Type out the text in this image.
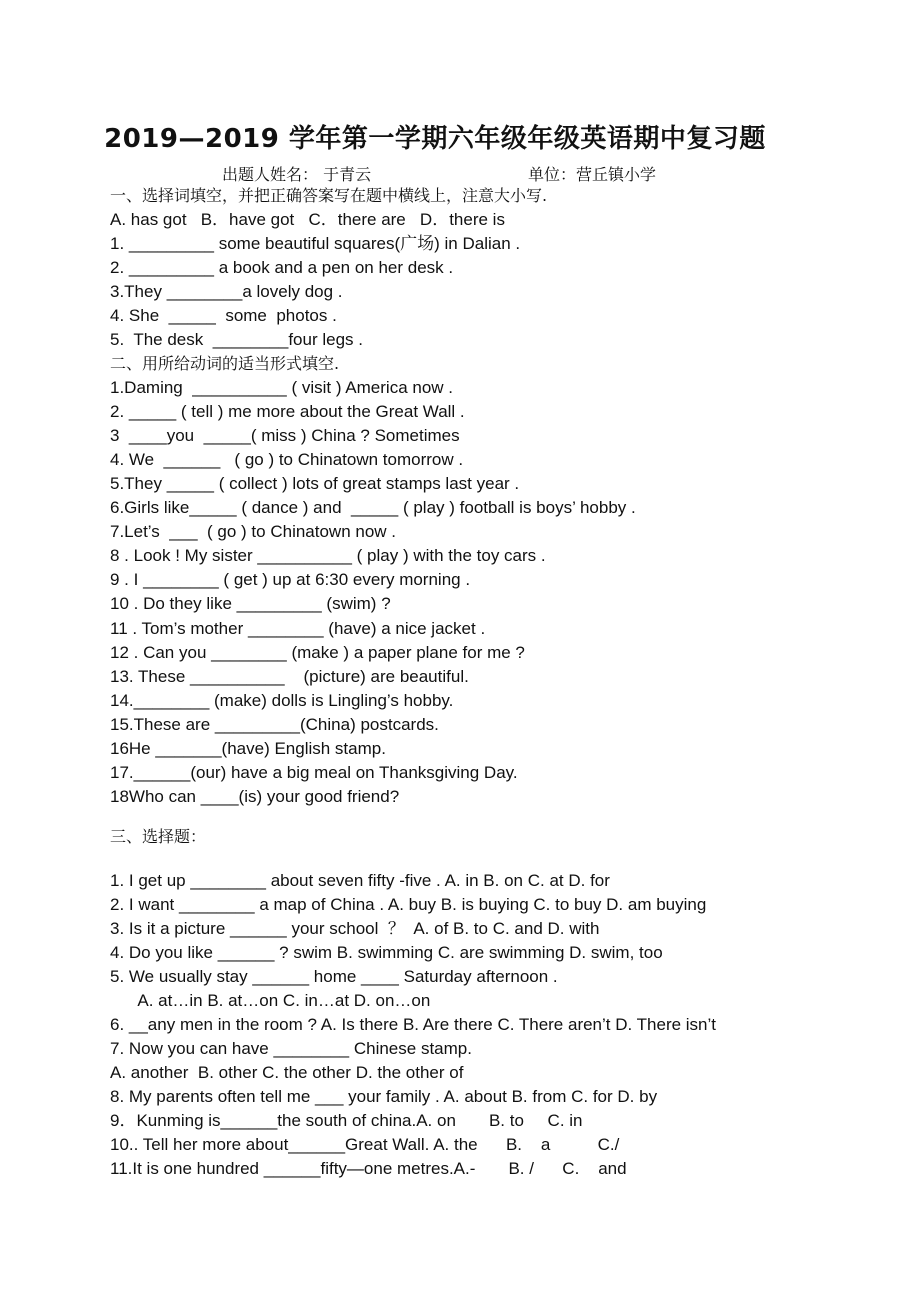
2019—2019 学年第一学期六年级年级英语期中复习题
出题人姓名： 于青云	单位：营丘镇小学
一、选择词填空，并把正确答案写在题中横线上，注意大小写.
A. has got   B．have got   C．there are   D．there is
1. _________ some beautiful squares(广场) in Dalian .
2. _________ a book and a pen on her desk .
3.They ________a lovely dog .
4. She  _____  some  photos .
5.  The desk  ________four legs .
二、用所给动词的适当形式填空.
1.Daming  __________ ( visit ) America now .
2. _____ ( tell ) me more about the Great Wall .
3  ____you  _____( miss ) China ? Sometimes
4. We  ______   ( go ) to Chinatown tomorrow .
5.They _____ ( collect ) lots of great stamps last year .
6.Girls like_____ ( dance ) and  _____ ( play ) football is boys’ hobby .
7.Let’s  ___  ( go ) to Chinatown now .
8 . Look ! My sister __________ ( play ) with the toy cars .
9 . I ________ ( get ) up at 6:30 every morning .
10 . Do they like _________ (swim) ?
11 . Tom’s mother ________ (have) a nice jacket .
12 . Can you ________ (make ) a paper plane for me ?
13. These __________    (picture) are beautiful.
14.________ (make) dolls is Lingling’s hobby.
15.These are _________(China) postcards.
16He _______(have) English stamp.
17.______(our) have a big meal on Thanksgiving Day.
18Who can ____(is) your good friend?
三、选择题：
1. I get up ________ about seven fifty -five . A. in B. on C. at D. for
2. I want ________ a map of China . A. buy B. is buying C. to buy D. am buying
3. Is it a picture ______ your school  ？  A. of B. to C. and D. with
4. Do you like ______ ? swim B. swimming C. are swimming D. swim, too
5. We usually stay ______ home ____ Saturday afternoon .
A. at…in B. at…on C. in…at D. on…on
6. __any men in the room ? A. Is there B. Are there C. There aren’t D. There isn’t
7. Now you can have ________ Chinese stamp.
A. another  B. other C. the other D. the other of
8. My parents often tell me ___ your family . A. about B. from C. for D. by
9．Kunming is______the south of china.A. on       B. to     C. in
10.. Tell her more about______Great Wall. A. the      B.    a          C./
11.It is one hundred ______fifty—one metres.A.-       B. /      C.    and
